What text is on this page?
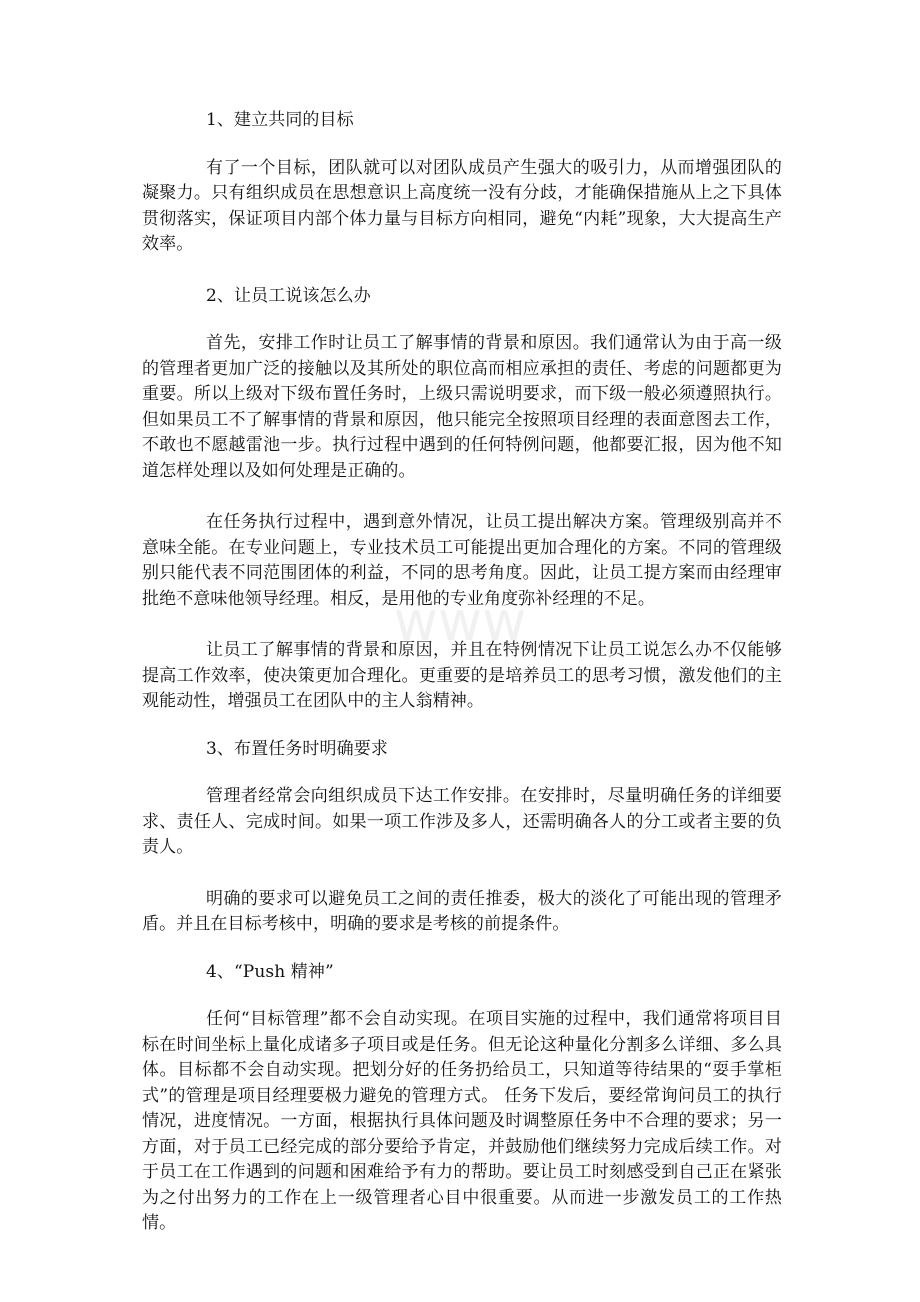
www

1、建立共同的目标

有了一个目标，团队就可以对团队成员产生强大的吸引力，从而增强团队的凝聚力。只有组织成员在思想意识上高度统一没有分歧，才能确保措施从上之下具体贯彻落实，保证项目内部个体力量与目标方向相同，避免“内耗”现象，大大提高生产效率。

2、让员工说该怎么办

首先，安排工作时让员工了解事情的背景和原因。我们通常认为由于高一级的管理者更加广泛的接触以及其所处的职位高而相应承担的责任、考虑的问题都更为重要。所以上级对下级布置任务时，上级只需说明要求，而下级一般必须遵照执行。但如果员工不了解事情的背景和原因，他只能完全按照项目经理的表面意图去工作，不敢也不愿越雷池一步。执行过程中遇到的任何特例问题，他都要汇报，因为他不知道怎样处理以及如何处理是正确的。

在任务执行过程中，遇到意外情况，让员工提出解决方案。管理级别高并不意味全能。在专业问题上，专业技术员工可能提出更加合理化的方案。不同的管理级别只能代表不同范围团体的利益，不同的思考角度。因此，让员工提方案而由经理审批绝不意味他领导经理。相反，是用他的专业角度弥补经理的不足。

让员工了解事情的背景和原因，并且在特例情况下让员工说怎么办不仅能够提高工作效率，使决策更加合理化。更重要的是培养员工的思考习惯，激发他们的主观能动性，增强员工在团队中的主人翁精神。

3、布置任务时明确要求

管理者经常会向组织成员下达工作安排。在安排时，尽量明确任务的详细要求、责任人、完成时间。如果一项工作涉及多人，还需明确各人的分工或者主要的负责人。

明确的要求可以避免员工之间的责任推委，极大的淡化了可能出现的管理矛盾。并且在目标考核中，明确的要求是考核的前提条件。

4、“Push 精神”

任何“目标管理”都不会自动实现。在项目实施的过程中，我们通常将项目目标在时间坐标上量化成诸多子项目或是任务。但无论这种量化分割多么详细、多么具体。目标都不会自动实现。把划分好的任务扔给员工，只知道等待结果的“耍手掌柜式”的管理是项目经理要极力避免的管理方式。 任务下发后，要经常询问员工的执行情况，进度情况。一方面，根据执行具体问题及时调整原任务中不合理的要求；另一方面，对于员工已经完成的部分要给予肯定，并鼓励他们继续努力完成后续工作。对于员工在工作遇到的问题和困难给予有力的帮助。要让员工时刻感受到自己正在紧张为之付出努力的工作在上一级管理者心目中很重要。从而进一步激发员工的工作热情。
